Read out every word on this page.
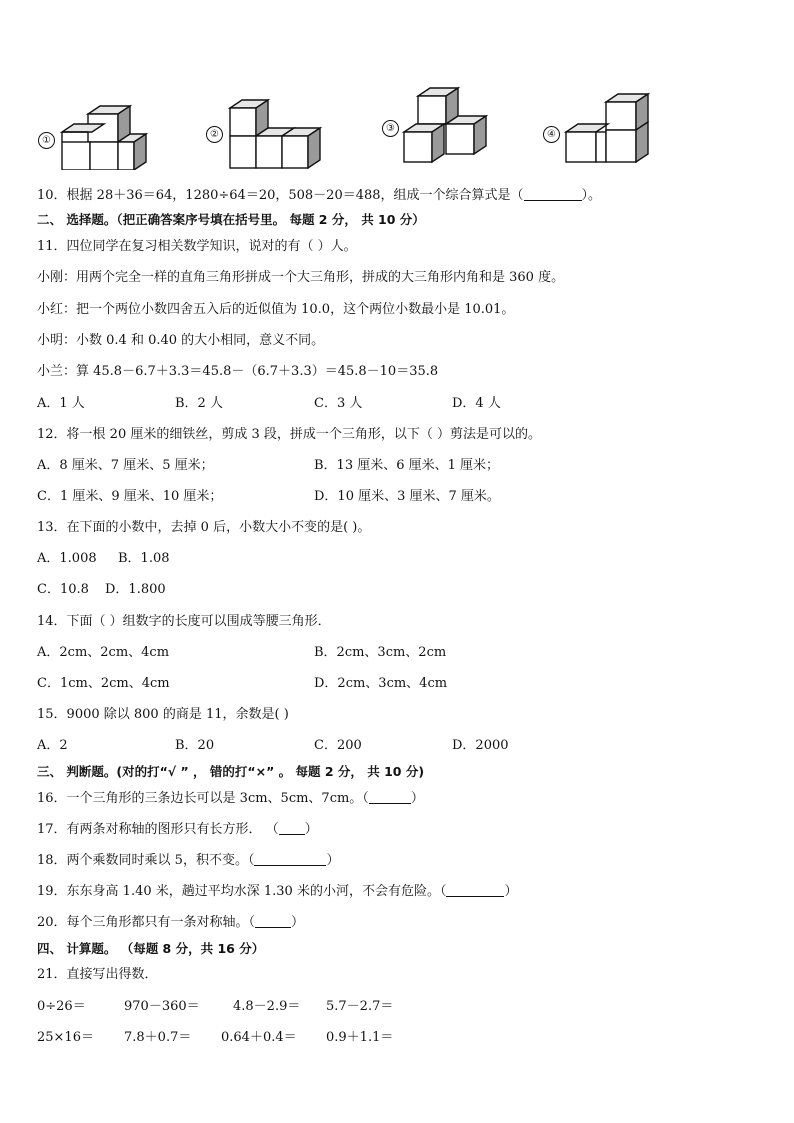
①
②
③
④
10．根据 28＋36＝64，1280÷64＝20，508－20＝488，组成一个综合算式是（	）。
二、 选择题。（把正确答案序号填在括号里。 每题 2 分， 共 10 分）
11．四位同学在复习相关数学知识，说对的有（ ）人。
小刚：用两个完全一样的直角三角形拼成一个大三角形，拼成的大三角形内角和是 360 度。
小红：把一个两位小数四舍五入后的近似值为 10.0，这个两位小数最小是 10.01。
小明：小数 0.4 和 0.40 的大小相同，意义不同。
小兰：算 45.8－6.7＋3.3＝45.8－（6.7＋3.3）＝45.8－10＝35.8
A．1 人	B．2 人	C．3 人	D．4 人
12．将一根 20 厘米的细铁丝，剪成 3 段，拼成一个三角形，以下（ ）剪法是可以的。
A．8 厘米、7 厘米、5 厘米；	B．13 厘米、6 厘米、1 厘米；
C．1 厘米、9 厘米、10 厘米；	D．10 厘米、3 厘米、7 厘米。
13．在下面的小数中，去掉 0 后，小数大小不变的是( )。
A．1.008 B．1.08
C．10.8 D．1.800
14．下面（ ）组数字的长度可以围成等腰三角形．
A．2cm、2cm、4cm	B．2cm、3cm、2cm
C．1cm、2cm、4cm	D．2cm、3cm、4cm
15．9000 除以 800 的商是 11，余数是( )
A．2	B．20	C．200	D．2000
三、 判断题。(对的打“√ ” ， 错的打“×” 。 每题 2 分， 共 10 分)
16．一个三角形的三条边长可以是 3cm、5cm、7cm。（	）
17．有两条对称轴的图形只有长方形． （ ）
18．两个乘数同时乘以 5，积不变。（	）
19．东东身高 1.40 米，趟过平均水深 1.30 米的小河，不会有危险。（	）
20．每个三角形都只有一条对称轴。（	）
四、 计算题。 （每题 8 分，共 16 分）
21．直接写出得数．
0÷26＝	970－360＝	4.8－2.9＝ 5.7－2.7＝
25×16＝ 7.8＋0.7＝ 0.64＋0.4＝ 0.9＋1.1＝
